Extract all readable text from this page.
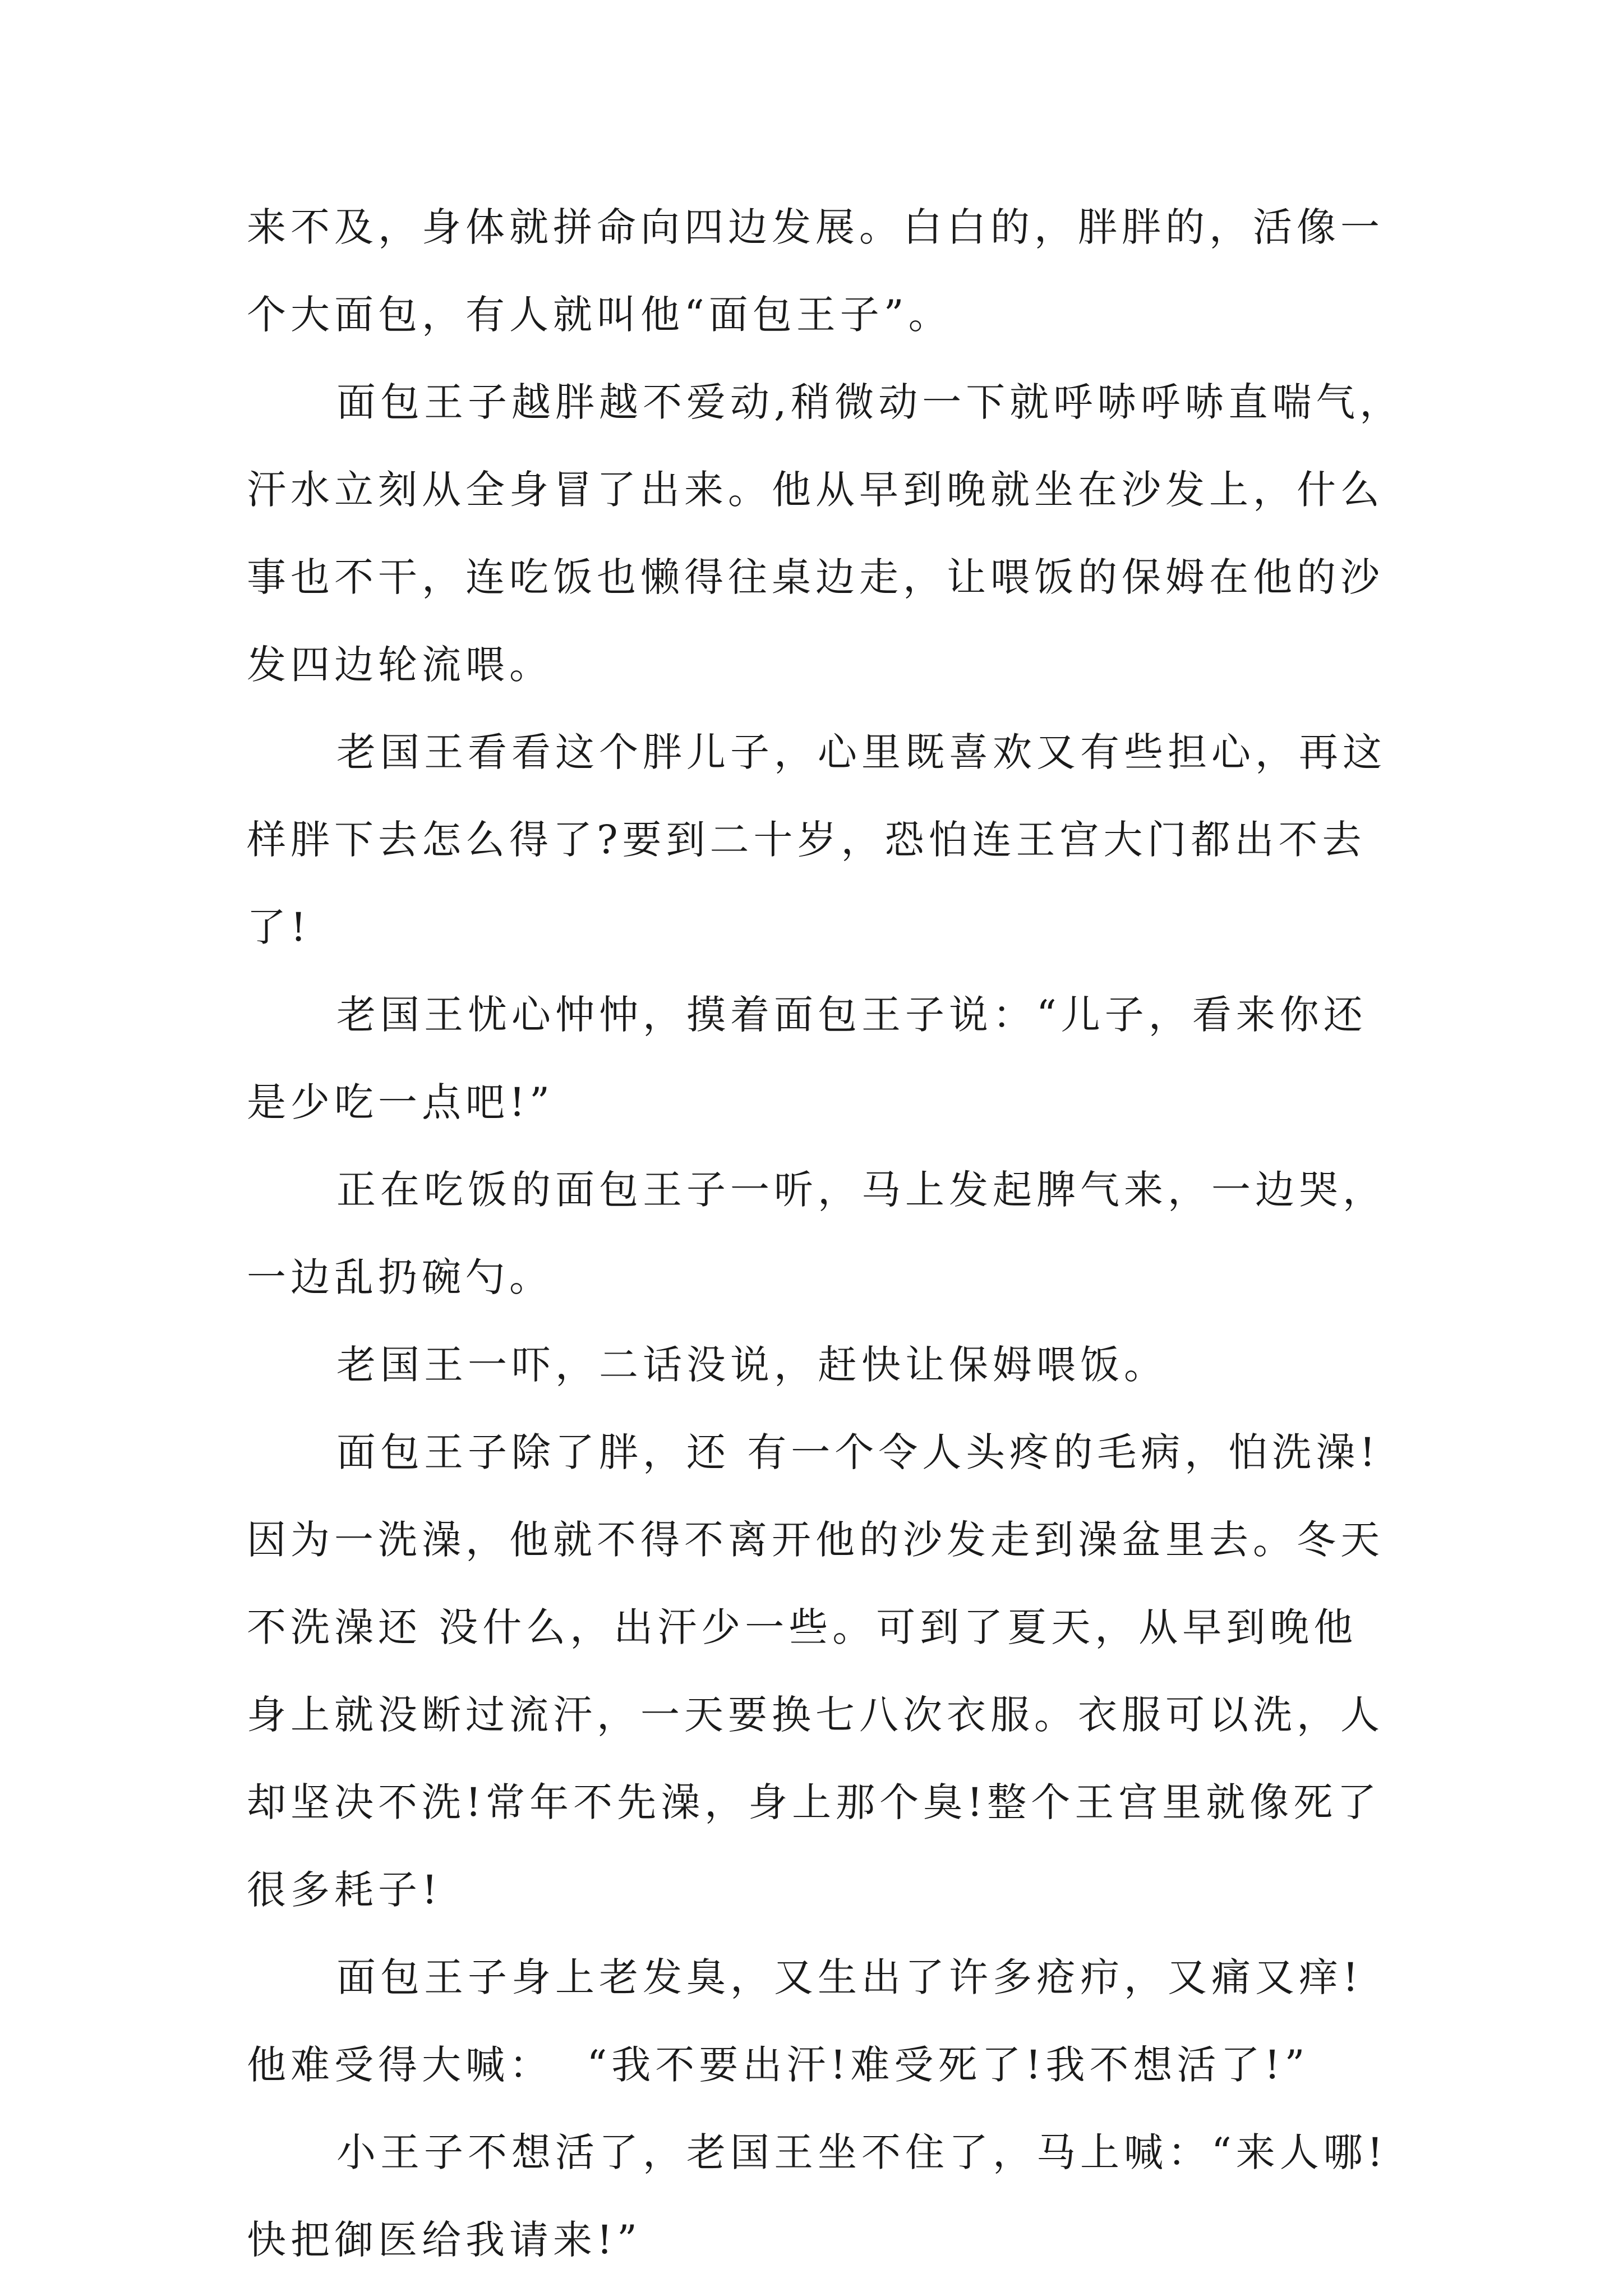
来不及，身体就拼命向四边发展。白白的，胖胖的，活像一
个大面包，有人就叫他“面包王子”。
面包王子越胖越不爱动,稍微动一下就呼哧呼哧直喘气，
汗水立刻从全身冒了出来。他从早到晚就坐在沙发上，什么
事也不干，连吃饭也懒得往桌边走，让喂饭的保姆在他的沙
发四边轮流喂。
老国王看看这个胖儿子，心里既喜欢又有些担心，再这
样胖下去怎么得了?要到二十岁，恐怕连王宫大门都出不去
了!
老国王忧心忡忡，摸着面包王子说：“儿子，看来你还
是少吃一点吧!”
正在吃饭的面包王子一听，马上发起脾气来，一边哭，
一边乱扔碗勺。
老国王一吓，二话没说，赶快让保姆喂饭。
面包王子除了胖，还 有一个令人头疼的毛病，怕洗澡!
因为一洗澡，他就不得不离开他的沙发走到澡盆里去。冬天
不洗澡还 没什么，出汗少一些。可到了夏天，从早到晚他
身上就没断过流汗，一天要换七八次衣服。衣服可以洗，人
却坚决不洗!常年不先澡，身上那个臭!整个王宫里就像死了
很多耗子!
面包王子身上老发臭，又生出了许多疮疖，又痛又痒!
他难受得大喊：  “我不要出汗!难受死了!我不想活了!”
小王子不想活了，老国王坐不住了，马上喊：“来人哪!
快把御医给我请来!”
